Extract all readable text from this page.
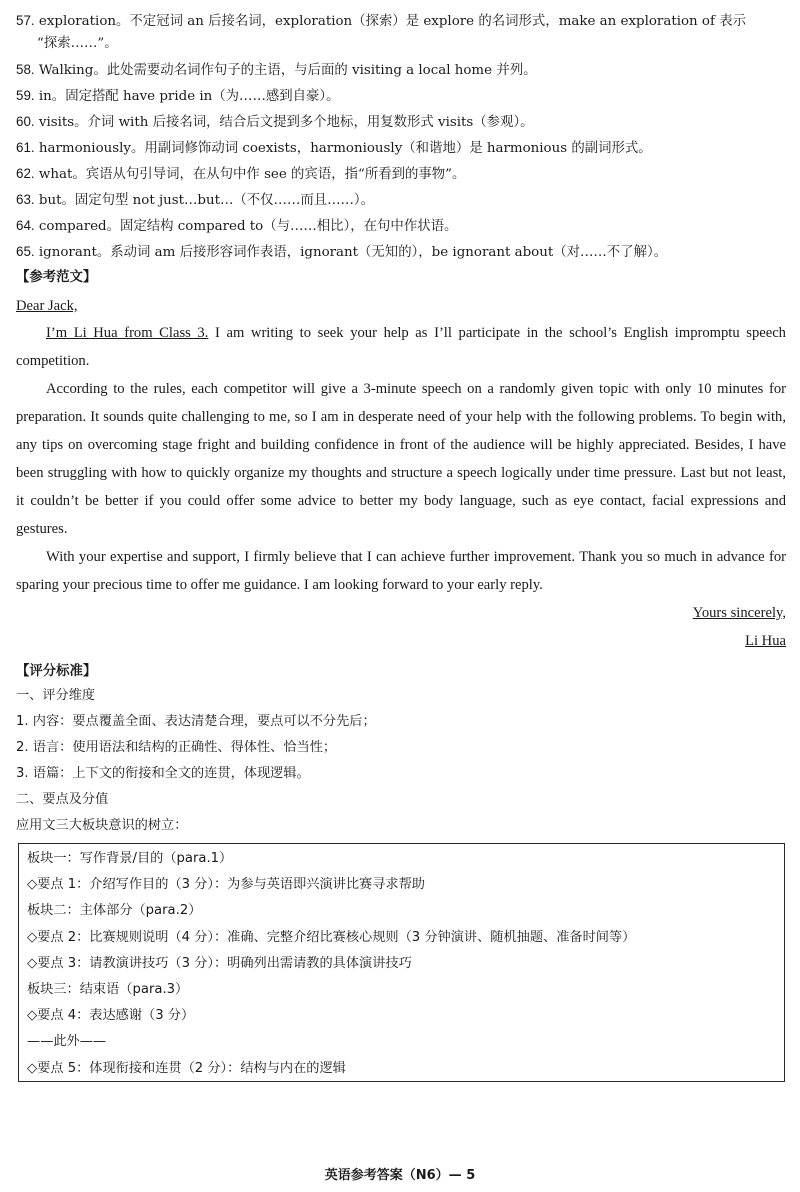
57. exploration。不定冠词 an 后接名词，exploration（探索）是 explore 的名词形式，make an exploration of 表示
“探索……”。
58. Walking。此处需要动名词作句子的主语，与后面的 visiting a local home 并列。
59. in。固定搭配 have pride in（为……感到自豪）。
60. visits。介词 with 后接名词，结合后文提到多个地标，用复数形式 visits（参观）。
61. harmoniously。用副词修饰动词 coexists，harmoniously（和谐地）是 harmonious 的副词形式。
62. what。宾语从句引导词，在从句中作 see 的宾语，指“所看到的事物”。
63. but。固定句型 not just…but…（不仅……而且……）。
64. compared。固定结构 compared to（与……相比），在句中作状语。
65. ignorant。系动词 am 后接形容词作表语，ignorant（无知的），be ignorant about（对……不了解）。
【参考范文】

Dear Jack,

I’m Li Hua from Class 3. I am writing to seek your help as I’ll participate in the school’s English impromptu speech competition.

According to the rules, each competitor will give a 3-minute speech on a randomly given topic with only 10 minutes for preparation. It sounds quite challenging to me, so I am in desperate need of your help with the following problems. To begin with, any tips on overcoming stage fright and building confidence in front of the audience will be highly appreciated. Besides, I have been struggling with how to quickly organize my thoughts and structure a speech logically under time pressure. Last but not least, it couldn’t be better if you could offer some advice to better my body language, such as eye contact, facial expressions and gestures.

With your expertise and support, I firmly believe that I can achieve further improvement. Thank you so much in advance for sparing your precious time to offer me guidance. I am looking forward to your early reply.

Yours sincerely,
Li Hua
【评分标准】
一、评分维度
1. 内容：要点覆盖全面、表达清楚合理，要点可以不分先后；
2. 语言：使用语法和结构的正确性、得体性、恰当性；
3. 语篇：上下文的衔接和全文的连贯，体现逻辑。
二、要点及分值
应用文三大板块意识的树立：
板块一：写作背景/目的（para.1）
◇要点 1：介绍写作目的（3 分）：为参与英语即兴演讲比赛寻求帮助
板块二：主体部分（para.2）
◇要点 2：比赛规则说明（4 分）：准确、完整介绍比赛核心规则（3 分钟演讲、随机抽题、准备时间等）
◇要点 3：请教演讲技巧（3 分）：明确列出需请教的具体演讲技巧
板块三：结束语（para.3）
◇要点 4：表达感谢（3 分）
——此外——
◇要点 5：体现衔接和连贯（2 分）：结构与内在的逻辑
英语参考答案（N6）— 5
